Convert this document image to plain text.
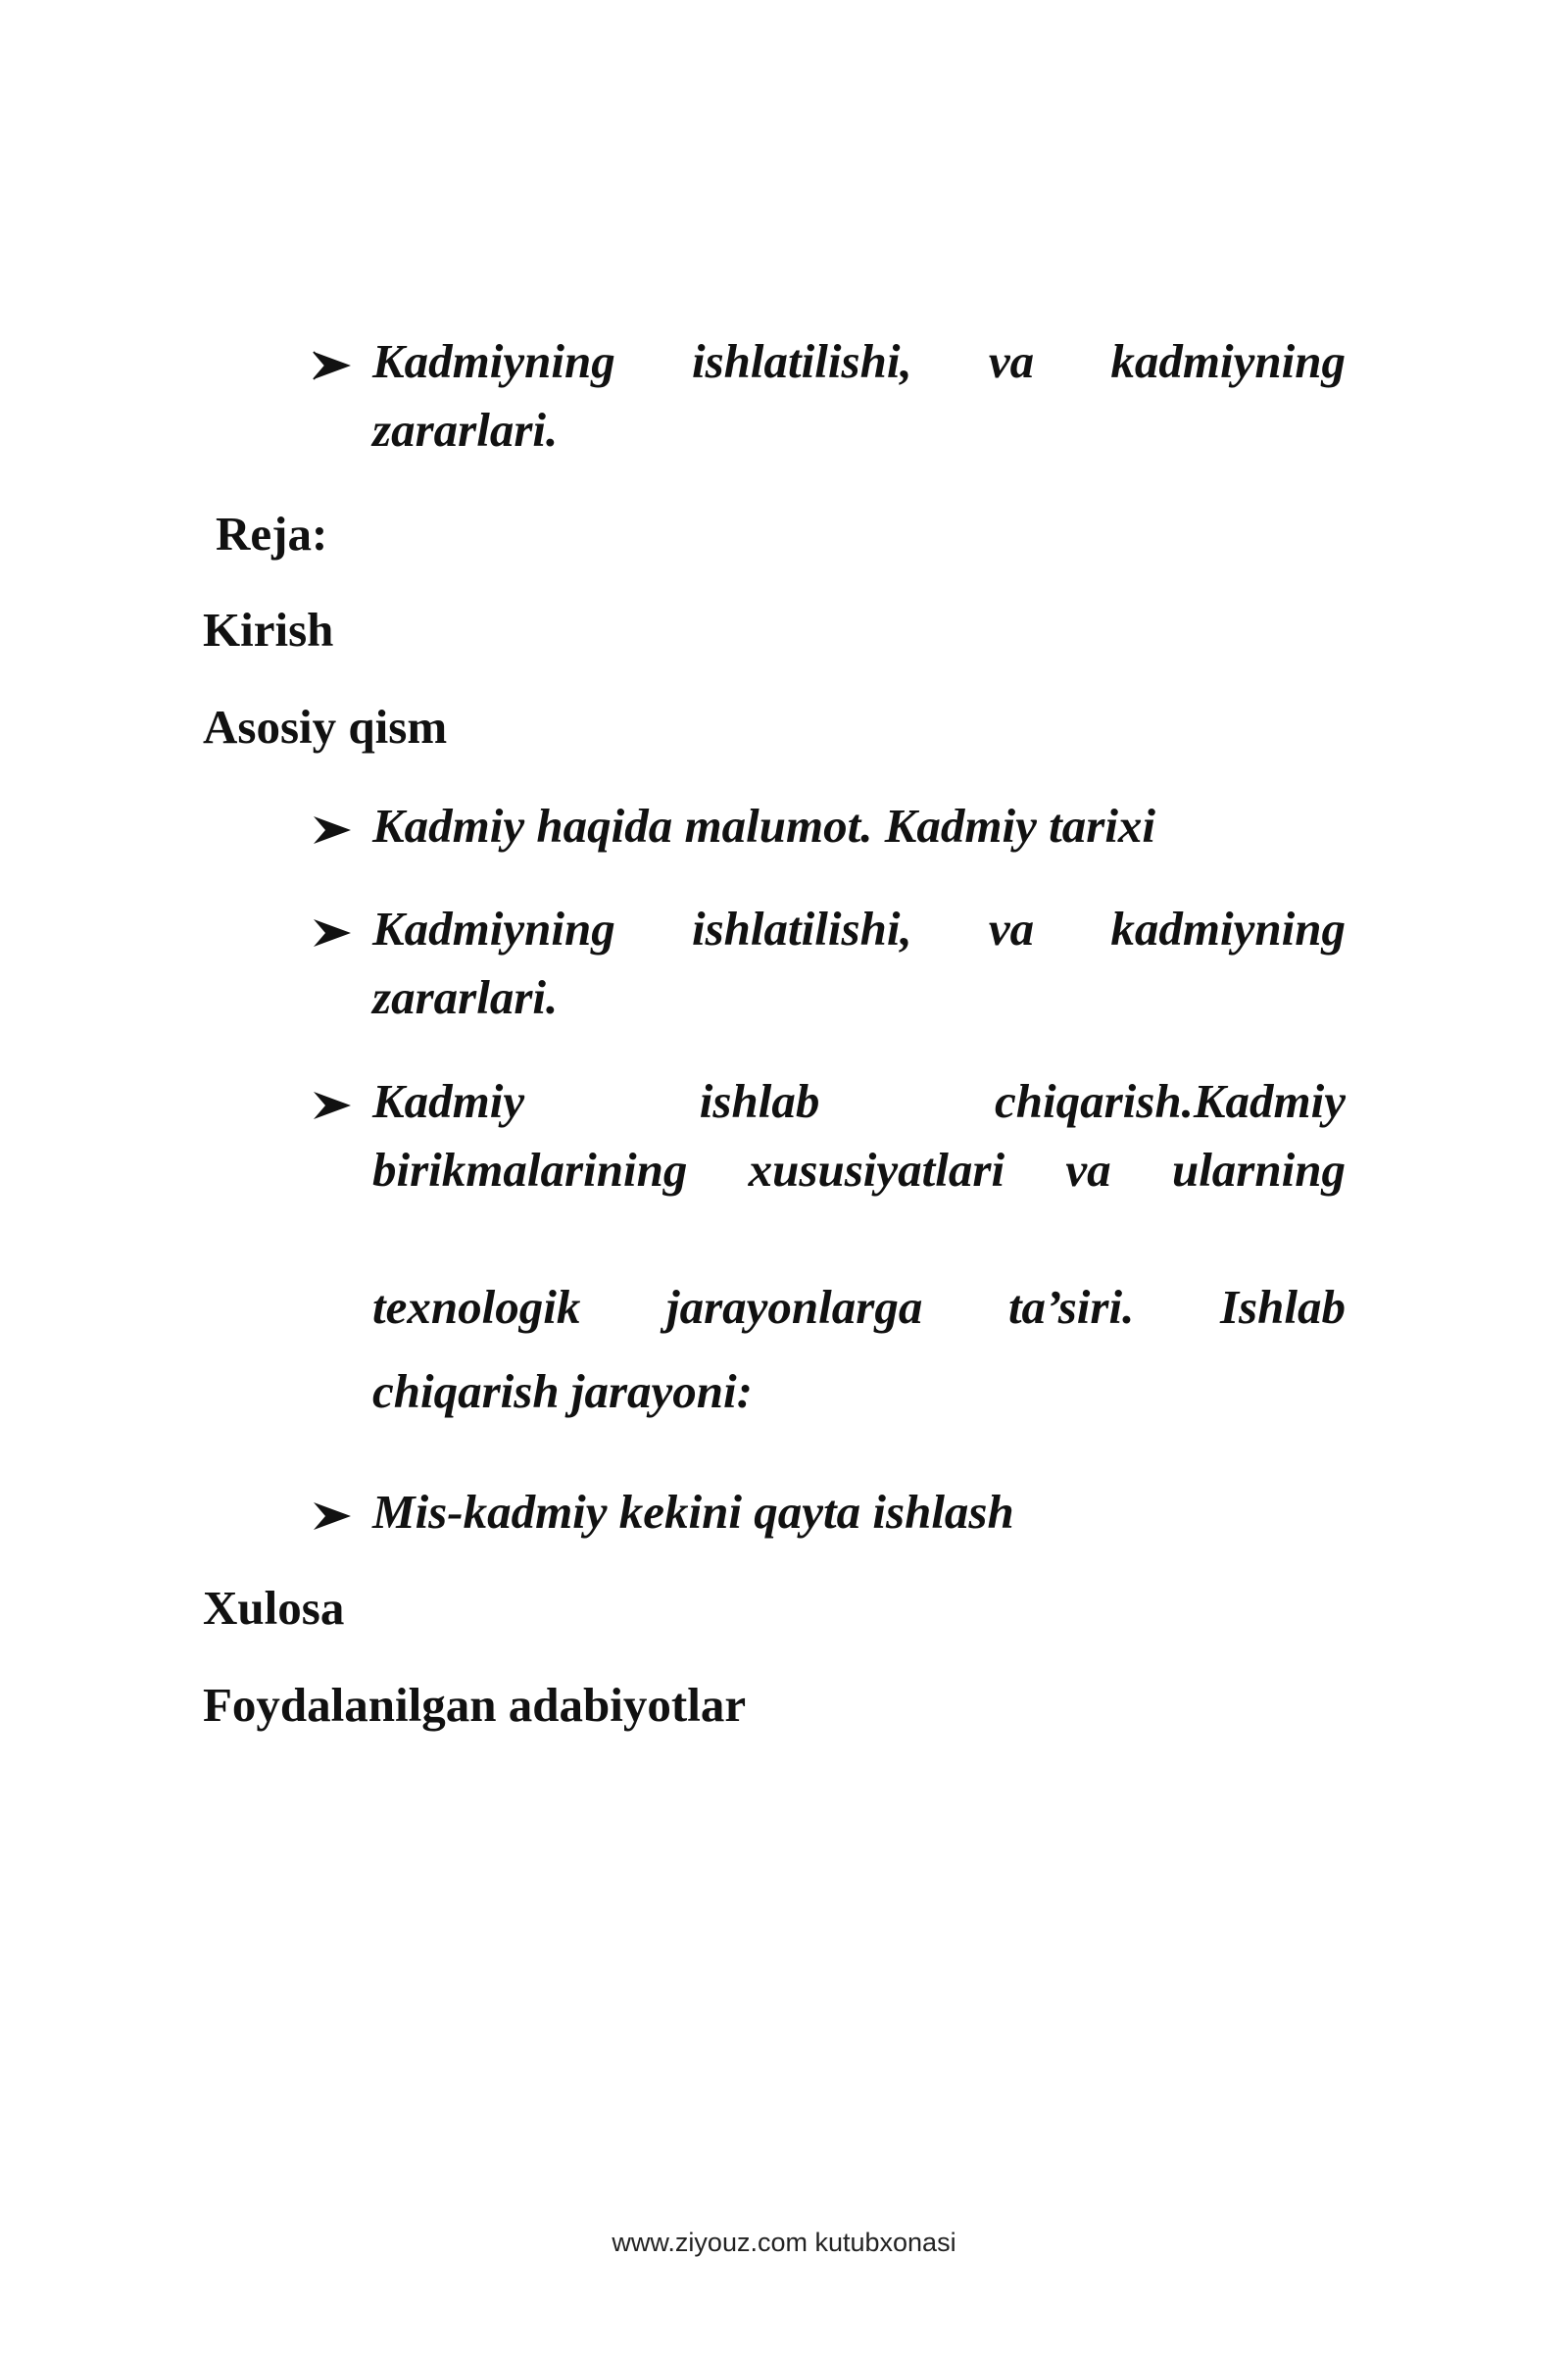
Kadmiyning ishlatilishi, va kadmiyning
zararlari.
Reja:
Kirish
Asosiy qism
Kadmiy haqida malumot. Kadmiy tarixi
Kadmiyning ishlatilishi, va kadmiyning
zararlari.
Kadmiy	ishlab	chiqarish.Kadmiy
birikmalarining xususiyatlari va ularning
texnologik jarayonlarga ta’siri. Ishlab
chiqarish jarayoni:
Mis-kadmiy kekini qayta ishlash
Xulosa
Foydalanilgan adabiyotlar
www.ziyouz.com kutubxonasi
